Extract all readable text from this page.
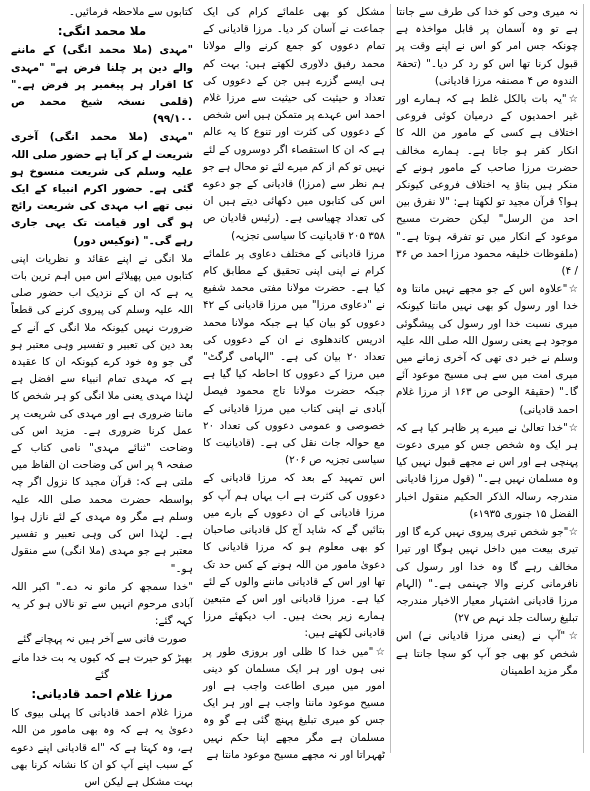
کتابوں سے ملاحظہ فرمائیں۔

ملا محمد انگی:

"مہدی (ملا محمد انگی) کے ماننے والے دین پر چلنا فرض ہے" "مہدی کا اقرار ہر پیغمبر پر فرض ہے۔" (قلمی نسخہ شیخ محمد ص ۹۹/۱۰۰)

"مہدی (ملا محمد انگی) آخری شریعت لے کر آیا ہے حضور صلی اللہ علیہ وسلم کی شریعت منسوخ ہو گئی ہے۔ حضور اکرم انبیاء کے ایک نبی تھے اب مہدی کی شریعت رائج ہو گی اور قیامت تک یہی جاری رہے گی۔" (نوکیس دور)

ملا انگی نے اپنے عقائد و نظریات اپنی کتابوں میں پھیلائے اس میں اہم ترین بات یہ ہے کہ ان کے نزدیک اب حضور صلی اللہ علیہ وسلم کی پیروی کرنے کی قطعاً ضرورت نہیں کیونکہ ملا انگی کے آنے کے بعد دین کی تعبیر و تفسیر وہی معتبر ہو گی جو وہ خود کرے کیونکہ ان کا عقیدہ ہے کہ مہدی تمام انبیاء سے افضل ہے لہٰذا مہدی یعنی ملا انگی کو ہر شخص کا ماننا ضروری ہے اور مہدی کی شریعت پر عمل کرنا ضروری ہے۔ مزید اس کی وضاحت "ثنائے مہدی" نامی کتاب کے صفحہ ۹ پر اس کی وضاحت ان الفاظ میں ملتی ہے کہ: قرآن مجید کا نزول اگر چہ بواسطہ حضرت محمد صلی اللہ علیہ وسلم ہے مگر وہ مہدی کے لئے نازل ہوا ہے۔ لہٰذا اس کی وہی تعبیر و تفسیر معتبر ہے جو مہدی (ملا انگی) سے منقول ہو۔"

"خدا سمجھ کر مانو نہ دے۔" اکبر اللہ آبادی مرحوم انہیں سے تو نالاں ہو کر یہ کہہ گئے:

صورت فانی سے آخر ہیں نہ پہچانے گئے

بھیڑ کو حیرت ہے کہ کیوں یہ بت خدا مانے گئے

مرزا غلام احمد قادیانی:

مرزا غلام احمد قادیانی کا پہلی بیوی کا دعویٰ یہ ہے کہ وہ بھی مامور من اللہ ہے، وہ کہتا ہے کہ "اے قادیانی اپنے دعوے کے سبب اپنے آپ کو ان کا نشانہ کرنا بھی بہت مشکل ہے لیکن اس

مشکل کو بھی علمائے کرام کی ایک جماعت نے آسان کر دیا۔ مرزا قادیانی کے تمام دعووں کو جمع کرنے والے مولانا محمد رفیق دلاوری لکھتے ہیں: بہت کم ہی ایسے گزرے ہیں جن کے دعووں کی تعداد و حیثیت کی حیثیت سے مرزا غلام احمد اس عہدے پر متمکن ہیں اس شخص کے دعووں کی کثرت اور تنوع کا یہ عالم ہے کہ ان کا استقصاء اگر دوسروں کے لئے نہیں تو کم از کم میرے لئے تو محال ہے جو ہم نظر سے (مرزا) قادیانی کے جو دعوے اس کی کتابوں میں دکھائی دیتے ہیں ان کی تعداد چھیاسی ہے۔ (رئیس قادیان ص ۳۵۸ ۲۰۵ قادیانیت کا سیاسی تجزیہ)

مرزا قادیانی کے مختلف دعاوی پر علمائے کرام نے اپنی اپنی تحقیق کے مطابق کام کیا ہے۔ حضرت مولانا مفتی محمد شفیع نے "دعاوی مرزا" میں مرزا قادیانی کے ۴۲ دعووں کو بیان کیا ہے جبکہ مولانا محمد ادریس کاندھلوی نے ان کے دعووں کی تعداد ۲۰ بیان کی ہے۔ "الہامی گرگٹ" میں مرزا کے دعووں کا احاطہ کیا گیا ہے جبکہ حضرت مولانا تاج محمود فیصل آبادی نے اپنی کتاب میں مرزا قادیانی کے خصوصی و عمومی دعووں کی تعداد ۲۰ مع حوالہ جات نقل کی ہے۔ (قادیانیت کا سیاسی تجزیہ ص ۲۰۶)

اس تمہید کے بعد کہ مرزا قادیانی کے دعووں کی کثرت ہے اب یہاں ہم آپ کو مرزا قادیانی کے ان دعووں کے بارے میں بتائیں گے کہ شاید آج کل قادیانی صاحبان کو بھی معلوم ہو کہ مرزا قادیانی کا دعویٰ مامور من اللہ ہونے کے کس حد تک تھا اور اس کے قادیانی ماننے والوں کے لئے کیا ہے۔ مرزا قادیانی اور اس کے متبعین ہمارے زیر بحث ہیں۔ اب دیکھئے مرزا قادیانی لکھتے ہیں:

☆"میں خدا کا ظلی اور بروزی طور پر نبی ہوں اور ہر ایک مسلمان کو دینی امور میں میری اطاعت واجب ہے اور مسیح موعود ماننا واجب ہے اور ہر ایک جس کو میری تبلیغ پہنچ گئی ہے گو وہ مسلمان ہے مگر مجھے اپنا حکم نہیں ٹھہراتا اور نہ مجھے مسیح موعود مانتا ہے

نہ میری وحی کو خدا کی طرف سے جانتا ہے تو وہ آسمان پر قابل مواخذہ ہے چونکہ جس امر کو اس نے اپنے وقت پر قبول کرنا تھا اس کو رد کر دیا۔" (تحفۃ الندوہ ص ۴ مصنفہ مرزا قادیانی)

☆"یہ بات بالکل غلط ہے کہ ہمارے اور غیر احمدیوں کے درمیان کوئی فروعی اختلاف ہے کسی کے مامور من اللہ کا انکار کفر ہو جاتا ہے۔ ہمارے مخالف حضرت مرزا صاحب کے مامور ہونے کے منکر ہیں بتاؤ یہ اختلاف فروعی کیونکر ہوا؟ قرآن مجید تو لکھتا ہے: "لا نفرق بین احد من الرسل" لیکن حضرت مسیح موعود کے انکار میں تو تفرقہ ہوتا ہے۔" (ملفوظات خلیفہ محمود مرزا احمد ص ۳۶ / ۴)

☆"علاوہ اس کے جو مجھے نہیں مانتا وہ خدا اور رسول کو بھی نہیں مانتا کیونکہ میری نسبت خدا اور رسول کی پیشگوئی موجود ہے یعنی رسول اللہ صلی اللہ علیہ وسلم نے خبر دی تھی کہ آخری زمانے میں میری امت میں سے ہی مسیح موعود آئے گا۔" (حقیقۃ الوحی ص ۱۶۳ از مرزا غلام احمد قادیانی)

☆"خدا تعالیٰ نے میرے پر ظاہر کیا ہے کہ ہر ایک وہ شخص جس کو میری دعوت پہنچی ہے اور اس نے مجھے قبول نہیں کیا وہ مسلمان نہیں ہے۔" (قول مرزا قادیانی مندرجہ رسالہ الذکر الحکیم منقول اخبار الفضل ۱۵ جنوری ۱۹۳۵ء)

☆"جو شخص تیری پیروی نہیں کرے گا اور تیری بیعت میں داخل نہیں ہوگا اور تیرا مخالف رہے گا وہ خدا اور رسول کی نافرمانی کرنے والا جہنمی ہے۔" (الہام مرزا قادیانی اشتہار معیار الاخیار مندرجہ تبلیغ رسالت جلد نہم ص ۲۷)

☆"آپ نے (یعنی مرزا قادیانی نے) اس شخص کو بھی جو آپ کو سچا جانتا ہے مگر مزید اطمینان
